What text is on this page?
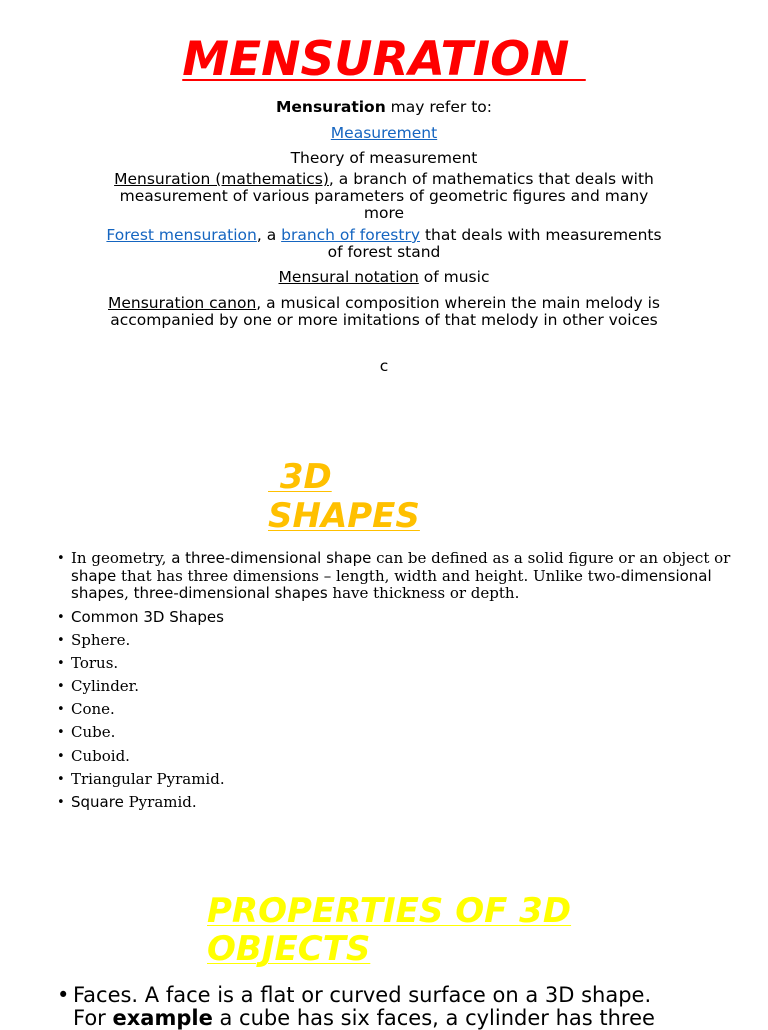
MENSURATION
Mensuration may refer to:
Measurement
Theory of measurement
Mensuration (mathematics), a branch of mathematics that deals with measurement of various parameters of geometric figures and many more
Forest mensuration, a branch of forestry that deals with measurements of forest stand
Mensural notation of music
Mensuration canon, a musical composition wherein the main melody is accompanied by one or more imitations of that melody in other voices
c
3D
SHAPES
• In geometry, a three-dimensional shape can be defined as a solid figure or an object or shape that has three dimensions – length, width and height. Unlike two-dimensional shapes, three-dimensional shapes have thickness or depth.
• Common 3D Shapes
• Sphere.
• Torus.
• Cylinder.
• Cone.
• Cube.
• Cuboid.
• Triangular Pyramid.
• Square Pyramid.
PROPERTIES OF 3D
OBJECTS
• Faces. A face is a flat or curved surface on a 3D shape.
For example a cube has six faces, a cylinder has three
